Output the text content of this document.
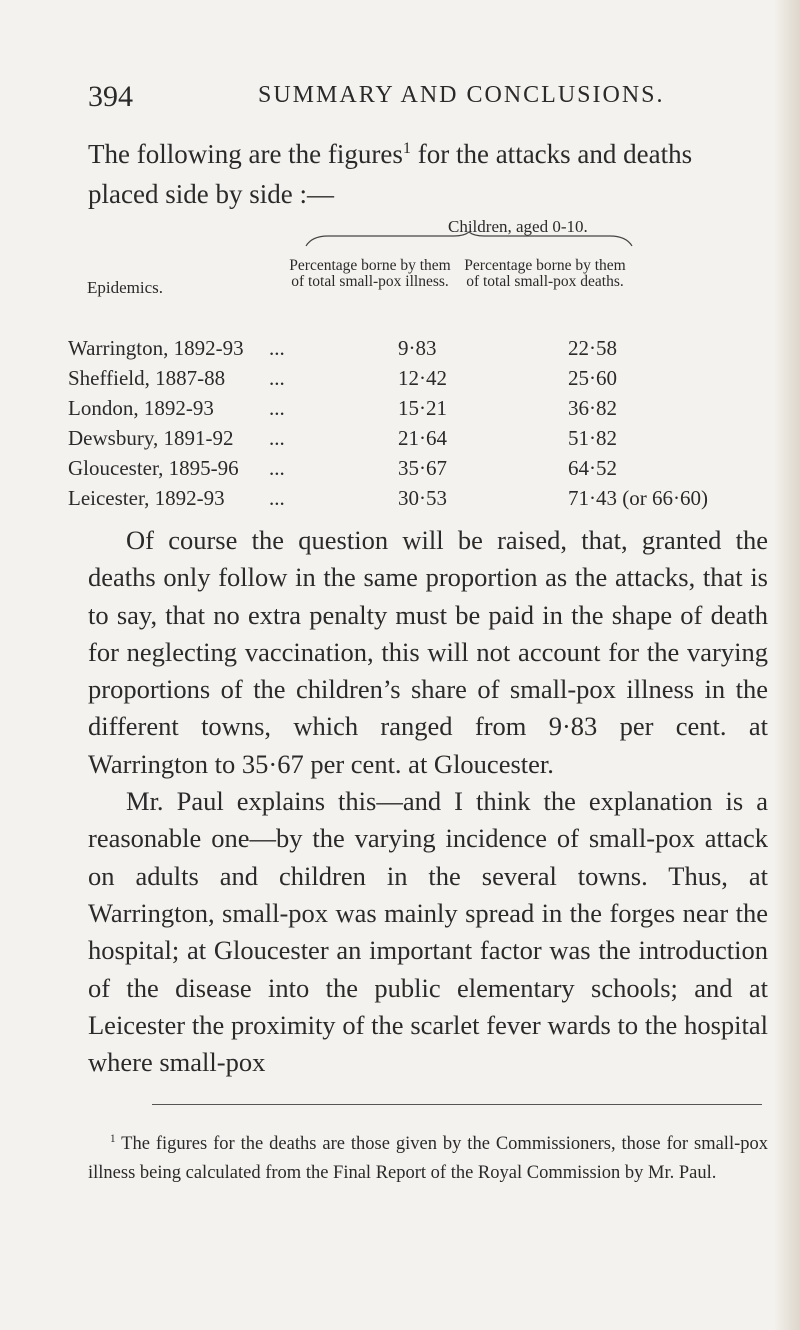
394	SUMMARY AND CONCLUSIONS.
The following are the figures$^1$ for the attacks and deaths placed side by side :—
Children, aged 0-10.
Epidemics.
Percentage borne by them of total small-pox illness.
Percentage borne by them of total small-pox deaths.
Warrington, 1892-93 ...	9·83	22·58
Sheffield, 1887-88 ...	12·42	25·60
London, 1892-93	...	15·21	36·82
Dewsbury, 1891-92 ...	21·64	51·82
Gloucester, 1895-96 ...	35·67	64·52
Leicester, 1892-93 ...	30·53	71·43 (or 66·60)

Of course the question will be raised, that, granted the deaths only follow in the same proportion as the attacks, that is to say, that no extra penalty must be paid in the shape of death for neglecting vaccination, this will not account for the varying proportions of the children’s share of small-pox illness in the different towns, which ranged from 9·83 per cent. at Warrington to 35·67 per cent. at Gloucester.

Mr. Paul explains this—and I think the explanation is a reasonable one—by the varying incidence of small-pox attack on adults and children in the several towns. Thus, at Warrington, small-pox was mainly spread in the forges near the hospital; at Gloucester an important factor was the introduction of the disease into the public elementary schools; and at Leicester the proximity of the scarlet fever wards to the hospital where small-pox

$^1$ The figures for the deaths are those given by the Commissioners, those for small-pox illness being calculated from the Final Report of the Royal Commission by Mr. Paul.
